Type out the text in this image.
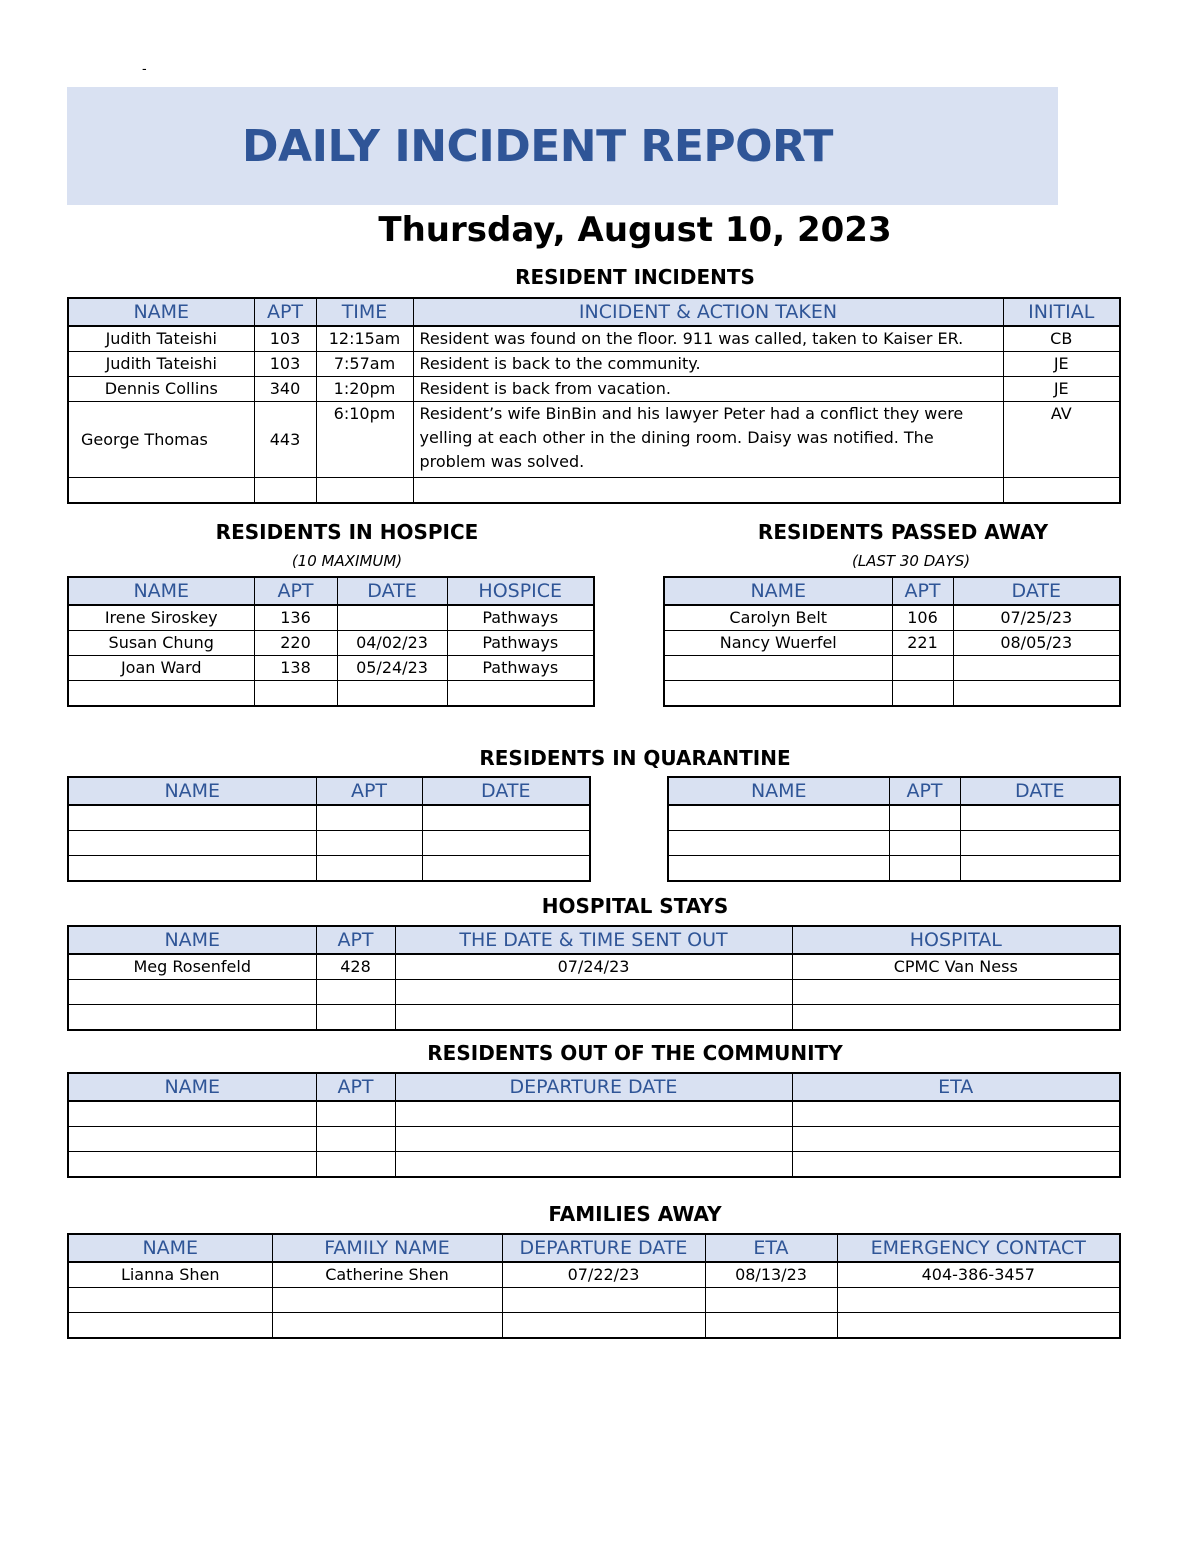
-
DAILY INCIDENT REPORT
Thursday, August 10, 2023
RESIDENT INCIDENTS
NAME	APT	TIME	INCIDENT & ACTION TAKEN	INITIAL
Judith Tateishi	103	12:15am	Resident was found on the floor. 911 was called, taken to Kaiser ER.	CB
Judith Tateishi	103	7:57am	Resident is back to the community.	JE
Dennis Collins	340	1:20pm	Resident is back from vacation.	JE
George Thomas	443	6:10pm	Resident’s wife BinBin and his lawyer Peter had a conflict they were yelling at each other in the dining room. Daisy was notified. The problem was solved.	AV

RESIDENTS IN HOSPICE
(10 MAXIMUM)
NAME	APT	DATE	HOSPICE
Irene Siroskey	136		Pathways
Susan Chung	220	04/02/23	Pathways
Joan Ward	138	05/24/23	Pathways

RESIDENTS PASSED AWAY
(LAST 30 DAYS)
NAME	APT	DATE
Carolyn Belt	106	07/25/23
Nancy Wuerfel	221	08/05/23

RESIDENTS IN QUARANTINE
NAME	APT	DATE

			NAME	APT	DATE

HOSPITAL STAYS
NAME	APT	THE DATE & TIME SENT OUT	HOSPITAL
Meg Rosenfeld	428	07/24/23	CPMC Van Ness

RESIDENTS OUT OF THE COMMUNITY
NAME	APT	DEPARTURE DATE	ETA

FAMILIES AWAY
NAME	FAMILY NAME	DEPARTURE DATE	ETA	EMERGENCY CONTACT
Lianna Shen	Catherine Shen	07/22/23	08/13/23	404-386-3457
